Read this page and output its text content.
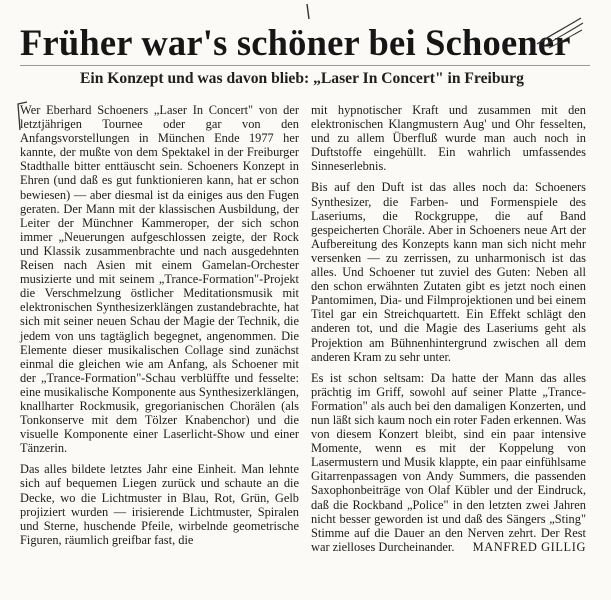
Früher war's schöner bei Schoener
Ein Konzept und was davon blieb: „Laser In Concert" in Freiburg

Wer Eberhard Schoeners „Laser In Concert" von der letztjährigen Tournee oder gar von den Anfangsvorstellungen in München Ende 1977 her kannte, der mußte von dem Spektakel in der Freiburger Stadthalle bitter enttäuscht sein. Schoeners Konzept in Ehren (und daß es gut funktionieren kann, hat er schon bewiesen) — aber diesmal ist da einiges aus den Fugen geraten. Der Mann mit der klassischen Ausbildung, der Leiter der Münchner Kammeroper, der sich schon immer „Neuerungen aufgeschlossen zeigte, der Rock und Klassik zusammenbrachte und nach ausgedehnten Reisen nach Asien mit einem Gamelan-Orchester musizierte und mit seinem „Trance-Formation"-Projekt die Verschmelzung östlicher Meditationsmusik mit elektronischen Synthesizerklängen zustandebrachte, hat sich mit seiner neuen Schau der Magie der Technik, die jedem von uns tagtäglich begegnet, angenommen. Die Elemente dieser musikalischen Collage sind zunächst einmal die gleichen wie am Anfang, als Schoener mit der „Trance-Formation"-Schau verblüffte und fesselte: eine musikalische Komponente aus Synthesizerklängen, knallharter Rockmusik, gregorianischen Chorälen (als Tonkonserve mit dem Tölzer Knabenchor) und die visuelle Komponente einer Laserlicht-Show und einer Tänzerin.

Das alles bildete letztes Jahr eine Einheit. Man lehnte sich auf bequemen Liegen zurück und schaute an die Decke, wo die Lichtmuster in Blau, Rot, Grün, Gelb projiziert wurden — irisierende Lichtmuster, Spiralen und Sterne, huschende Pfeile, wirbelnde geometrische Figuren, räumlich greifbar fast, die

mit hypnotischer Kraft und zusammen mit den elektronischen Klangmustern Aug' und Ohr fesselten, und zu allem Überfluß wurde man auch noch in Duftstoffe eingehüllt. Ein wahrlich umfassendes Sinneserlebnis.

Bis auf den Duft ist das alles noch da: Schoeners Synthesizer, die Farben- und Formenspiele des Laseriums, die Rockgruppe, die auf Band gespeicherten Choräle. Aber in Schoeners neue Art der Aufbereitung des Konzepts kann man sich nicht mehr versenken — zu zerrissen, zu unharmonisch ist das alles. Und Schoener tut zuviel des Guten: Neben all den schon erwähnten Zutaten gibt es jetzt noch einen Pantomimen, Dia- und Filmprojektionen und bei einem Titel gar ein Streichquartett. Ein Effekt schlägt den anderen tot, und die Magie des Laseriums geht als Projektion am Bühnenhintergrund zwischen all dem anderen Kram zu sehr unter.

Es ist schon seltsam: Da hatte der Mann das alles prächtig im Griff, sowohl auf seiner Platte „Trance-Formation" als auch bei den damaligen Konzerten, und nun läßt sich kaum noch ein roter Faden erkennen. Was von diesem Konzert bleibt, sind ein paar intensive Momente, wenn es mit der Koppelung von Lasermustern und Musik klappte, ein paar einfühlsame Gitarrenpassagen von Andy Summers, die passenden Saxophonbeiträge von Olaf Kübler und der Eindruck, daß die Rockband „Police" in den letzten zwei Jahren nicht besser geworden ist und daß des Sängers „Sting" Stimme auf die Dauer an den Nerven zehrt. Der Rest war zielloses Durcheinander.	MANFRED GILLIG
